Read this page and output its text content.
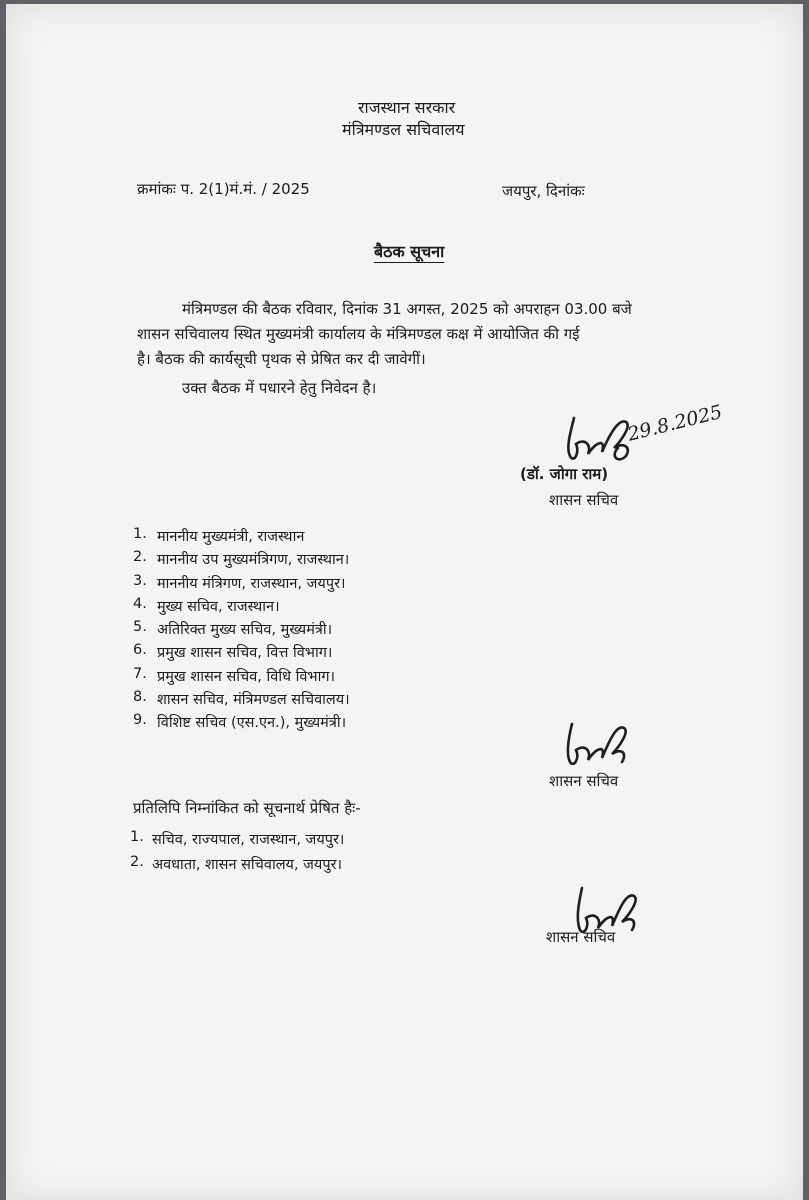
राजस्थान सरकार
मंत्रिमण्डल सचिवालय
क्रमांकः प. 2(1)मं.मं. / 2025	जयपुर, दिनांकः
बैठक सूचना
मंत्रिमण्डल की बैठक रविवार, दिनांक 31 अगस्त, 2025 को अपराहन 03.00 बजे
शासन सचिवालय स्थित मुख्यमंत्री कार्यालय के मंत्रिमण्डल कक्ष में आयोजित की गई
है। बैठक की कार्यसूची पृथक से प्रेषित कर दी जावेगीं।
उक्त बैठक में पधारने हेतु निवेदन है।
29.8.2025
(डॉ. जोगा राम)
शासन सचिव
1. माननीय मुख्यमंत्री, राजस्थान
2. माननीय उप मुख्यमंत्रिगण, राजस्थान।
3. माननीय मंत्रिगण, राजस्थान, जयपुर।
4. मुख्य सचिव, राजस्थान।
5. अतिरिक्त मुख्य सचिव, मुख्यमंत्री।
6. प्रमुख शासन सचिव, वित्त विभाग।
7. प्रमुख शासन सचिव, विधि विभाग।
8. शासन सचिव, मंत्रिमण्डल सचिवालय।
9. विशिष्ट सचिव (एस.एन.), मुख्यमंत्री।
शासन सचिव
प्रतिलिपि निम्नांकित को सूचनार्थ प्रेषित हैः-
1. सचिव, राज्यपाल, राजस्थान, जयपुर।
2. अवधाता, शासन सचिवालय, जयपुर।
शासन सचिव
